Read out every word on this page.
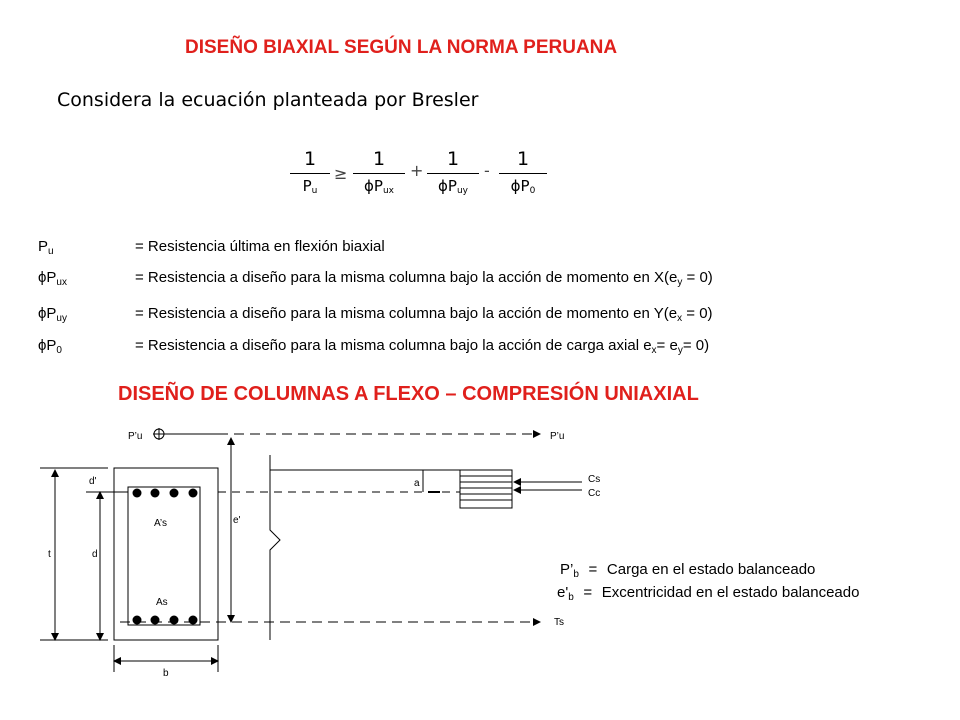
DISEÑO BIAXIAL SEGÚN LA NORMA PERUANA

Considera la ecuación planteada por Bresler

1
$P_u$
≥
1
$\phi P_{ux}$
+
1
$\phi P_{uy}$
-
1
$\phi P_0$
$P_u$	= Resistencia última en flexión biaxial
$\phi P_{ux}$	= Resistencia a diseño para la misma columna bajo la acción de momento en $X(e_y = 0)$
$\phi P_{uy}$	= Resistencia a diseño para la misma columna bajo la acción de momento en $Y(e_x = 0)$
$\phi P_0$	= Resistencia a diseño para la misma columna bajo la acción de carga axial $e_x= e_y= 0$)
DISEÑO DE COLUMNAS A FLEXO – COMPRESIÓN UNIAXIAL
P’u	P’u
A’s
As
t	d
d'
b
e'
a	Cs
Cc
Ts
$P’_b$ = Carga en el estado balanceado
$e'_b$ = Excentricidad en el estado balanceado
